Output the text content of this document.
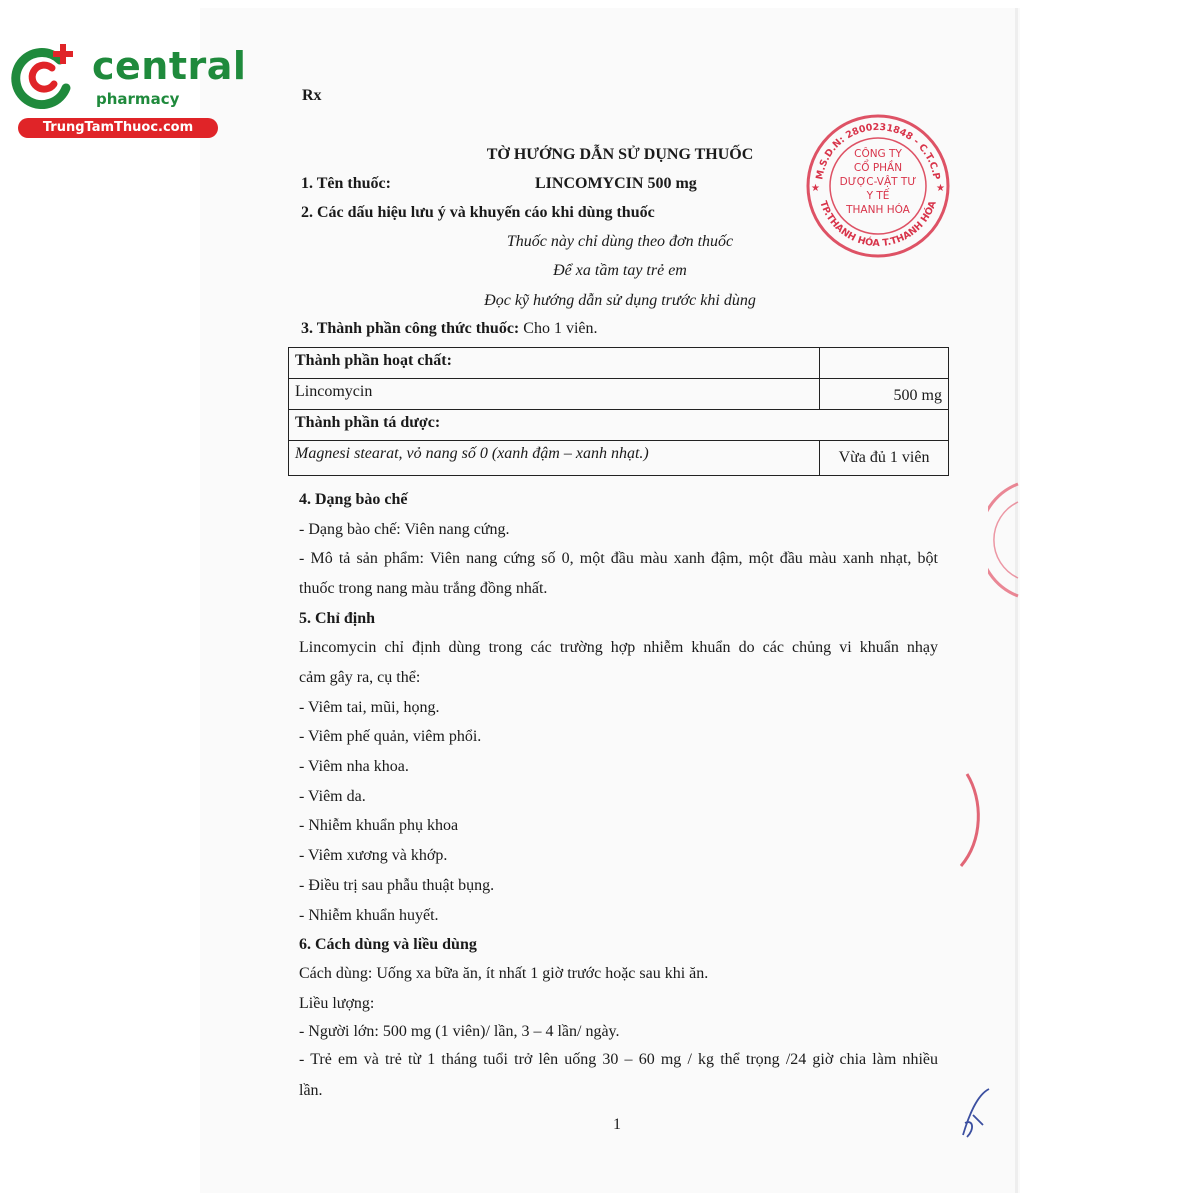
central
pharmacy
TrungTamThuoc.com
Rx
TỜ HƯỚNG DẪN SỬ DỤNG THUỐC
1. Tên thuốc:	LINCOMYCIN 500 mg
2. Các dấu hiệu lưu ý và khuyến cáo khi dùng thuốc
Thuốc này chỉ dùng theo đơn thuốc
Để xa tầm tay trẻ em
Đọc kỹ hướng dẫn sử dụng trước khi dùng
3. Thành phần công thức thuốc: Cho 1 viên.
Thành phần hoạt chất:	
Lincomycin	500 mg
Thành phần tá dược:	
Magnesi stearat, vỏ nang số 0 (xanh đậm – xanh nhạt.)	Vừa đủ 1 viên
4. Dạng bào chế
- Dạng bào chế: Viên nang cứng.
- Mô tả sản phẩm: Viên nang cứng số 0, một đầu màu xanh đậm, một đầu màu xanh nhạt, bột
thuốc trong nang màu trắng đồng nhất.
5. Chỉ định
Lincomycin chỉ định dùng trong các trường hợp nhiễm khuẩn do các chủng vi khuẩn nhạy
cảm gây ra, cụ thể:
- Viêm tai, mũi, họng.
- Viêm phế quản, viêm phổi.
- Viêm nha khoa.
- Viêm da.
- Nhiễm khuẩn phụ khoa
- Viêm xương và khớp.
- Điều trị sau phẫu thuật bụng.
- Nhiễm khuẩn huyết.
6. Cách dùng và liều dùng
Cách dùng: Uống xa bữa ăn, ít nhất 1 giờ trước hoặc sau khi ăn.
Liều lượng:
- Người lớn: 500 mg (1 viên)/ lần, 3 – 4 lần/ ngày.
- Trẻ em và trẻ từ 1 tháng tuổi trở lên uống 30 – 60 mg / kg thể trọng /24 giờ chia làm nhiều
lần.
1
M.S.D.N: 2800231848 - C.T.C.P
TP.THANH HÓA T.THANH HÓA
★	★
CÔNG TY
CỔ PHẦN
DƯỢC-VẬT TƯ
Y TẾ
THANH HÓA
